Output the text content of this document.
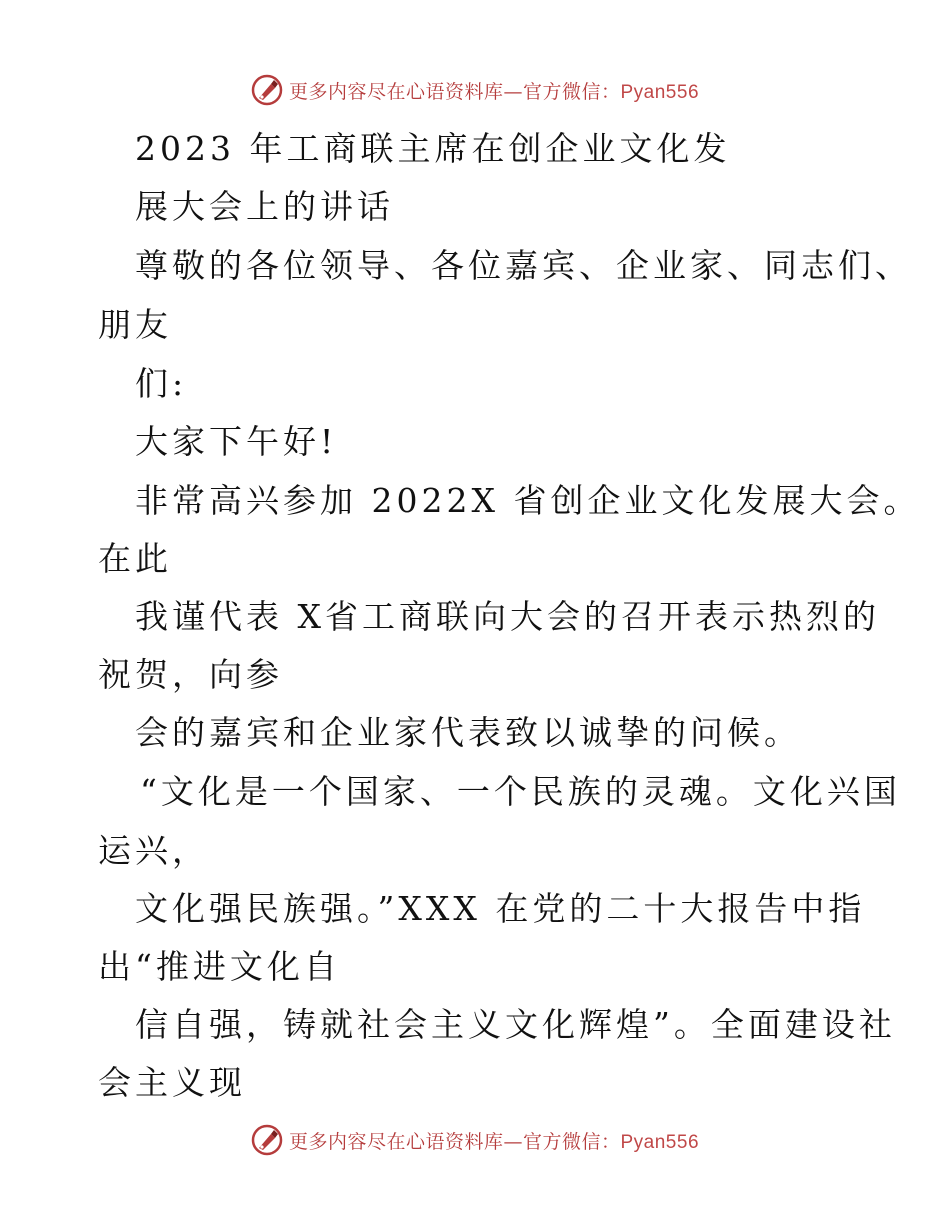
更多内容尽在心语资料库—官方微信：Pyan556
2023 年工商联主席在创企业文化发
展大会上的讲话
尊敬的各位领导、各位嘉宾、企业家、同志们、
朋友
们:
大家下午好!
非常高兴参加 2022X 省创企业文化发展大会。
在此
我谨代表 X省工商联向大会的召开表示热烈的
祝贺，向参
会的嘉宾和企业家代表致以诚挚的问候。
“文化是一个国家、一个民族的灵魂。文化兴国
运兴，
文化强民族强。”XXX 在党的二十大报告中指
出“推进文化自
信自强，铸就社会主义文化辉煌”。全面建设社
会主义现
更多内容尽在心语资料库—官方微信：Pyan556
